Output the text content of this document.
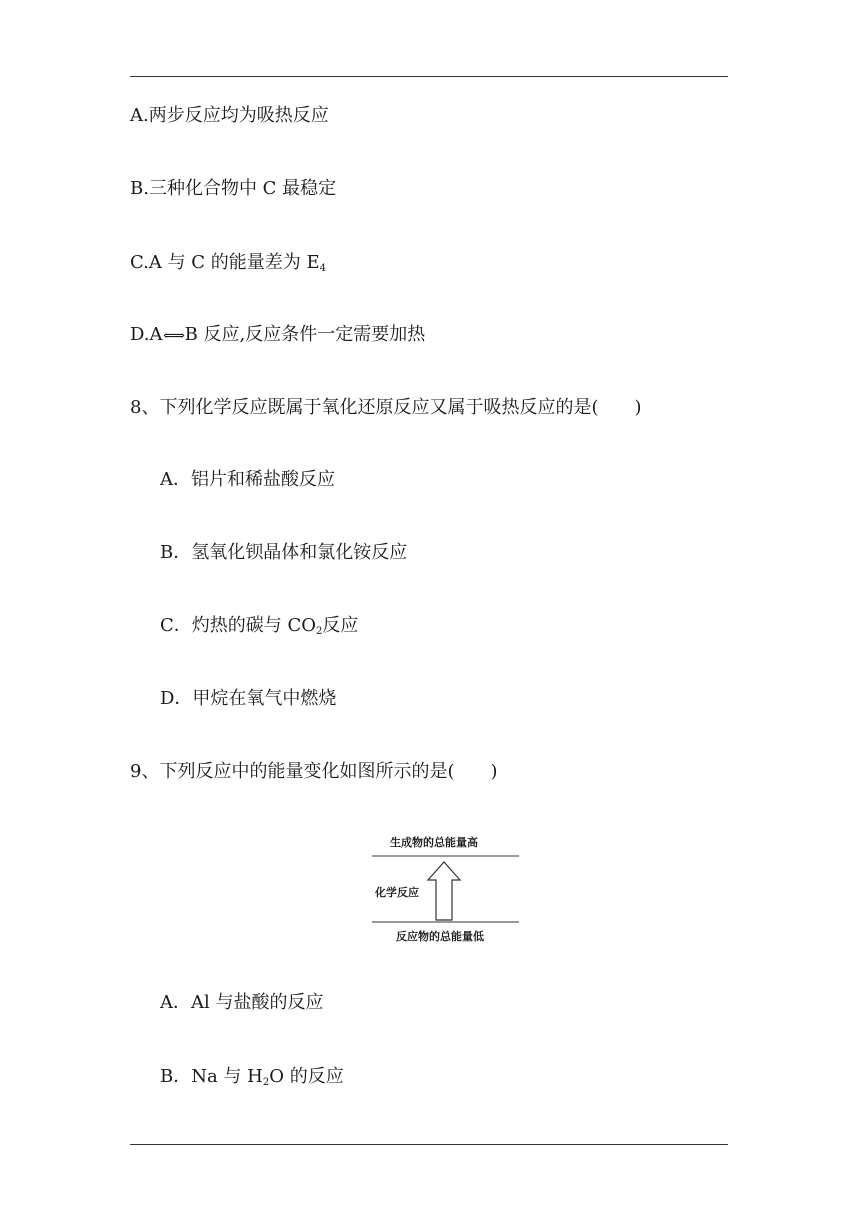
A.两步反应均为吸热反应
B.三种化合物中 C 最稳定
C.A 与 C 的能量差为 $E_4$
D.A⟺B 反应,反应条件一定需要加热
8、下列化学反应既属于氧化还原反应又属于吸热反应的是(　　)
A．铝片和稀盐酸反应
B．氢氧化钡晶体和氯化铵反应
C．灼热的碳与 $CO_2$反应
D．甲烷在氧气中燃烧
9、下列反应中的能量变化如图所示的是(　　)
生成物的总能量高
化学反应
反应物的总能量低
A．Al 与盐酸的反应
B．Na 与 $H_2O$ 的反应
